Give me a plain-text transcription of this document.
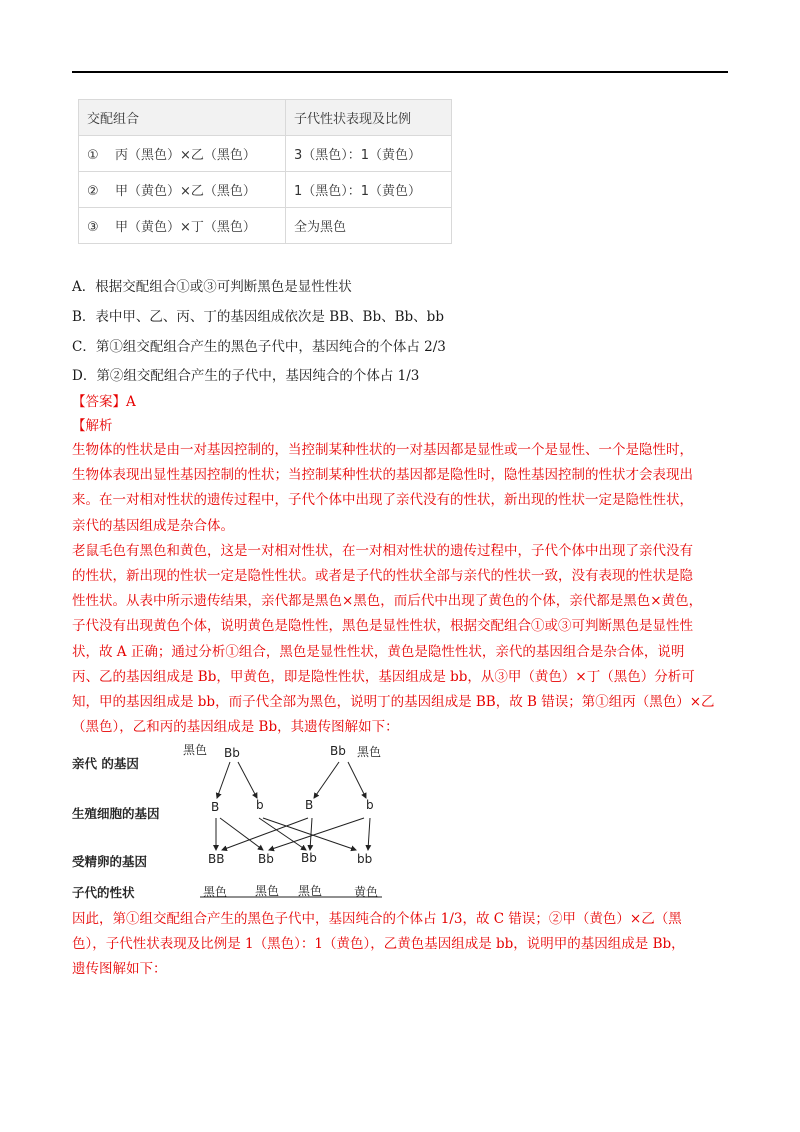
交配组合	子代性状表现及比例
① 丙（黑色）×乙（黑色）	3（黑色）：1（黄色）
② 甲（黄色）×乙（黑色）	1（黑色）：1（黄色）
③ 甲（黄色）×丁（黑色）	全为黑色
A．根据交配组合①或③可判断黑色是显性性状
B．表中甲、乙、丙、丁的基因组成依次是 BB、Bb、Bb、bb
C．第①组交配组合产生的黑色子代中，基因纯合的个体占 2/3
D．第②组交配组合产生的子代中，基因纯合的个体占 1/3
【答案】A
【解析

生物体的性状是由一对基因控制的，当控制某种性状的一对基因都是显性或一个是显性、一个是隐性时，

生物体表现出显性基因控制的性状；当控制某种性状的基因都是隐性时，隐性基因控制的性状才会表现出

来。在一对相对性状的遗传过程中，子代个体中出现了亲代没有的性状，新出现的性状一定是隐性性状，

亲代的基因组成是杂合体。

老鼠毛色有黑色和黄色，这是一对相对性状，在一对相对性状的遗传过程中，子代个体中出现了亲代没有

的性状，新出现的性状一定是隐性性状。或者是子代的性状全部与亲代的性状一致，没有表现的性状是隐

性性状。从表中所示遗传结果，亲代都是黑色×黑色，而后代中出现了黄色的个体，亲代都是黑色×黄色，

子代没有出现黄色个体，说明黄色是隐性性，黑色是显性性状，根据交配组合①或③可判断黑色是显性性

状，故 A 正确；通过分析①组合，黑色是显性性状，黄色是隐性性状，亲代的基因组合是杂合体，说明

丙、乙的基因组成是 Bb，甲黄色，即是隐性性状，基因组成是 bb，从③甲（黄色）×丁（黑色）分析可

知，甲的基因组成是 bb，而子代全部为黑色，说明丁的基因组成是 BB，故 B 错误；第①组丙（黑色）×乙

（黑色），乙和丙的基因组成是 Bb，其遗传图解如下：

亲代 的基因
生殖细胞的基因
受精卵的基因
子代的性状
黑色 Bb	Bb 黑色
B	b	B	b
BB	Bb Bb	bb
黑色 黑色 黑色	黄色

因此，第①组交配组合产生的黑色子代中，基因纯合的个体占 1/3，故 C 错误；②甲（黄色）×乙（黑

色），子代性状表现及比例是 1（黑色）：1（黄色），乙黄色基因组成是 bb，说明甲的基因组成是 Bb，

遗传图解如下：
